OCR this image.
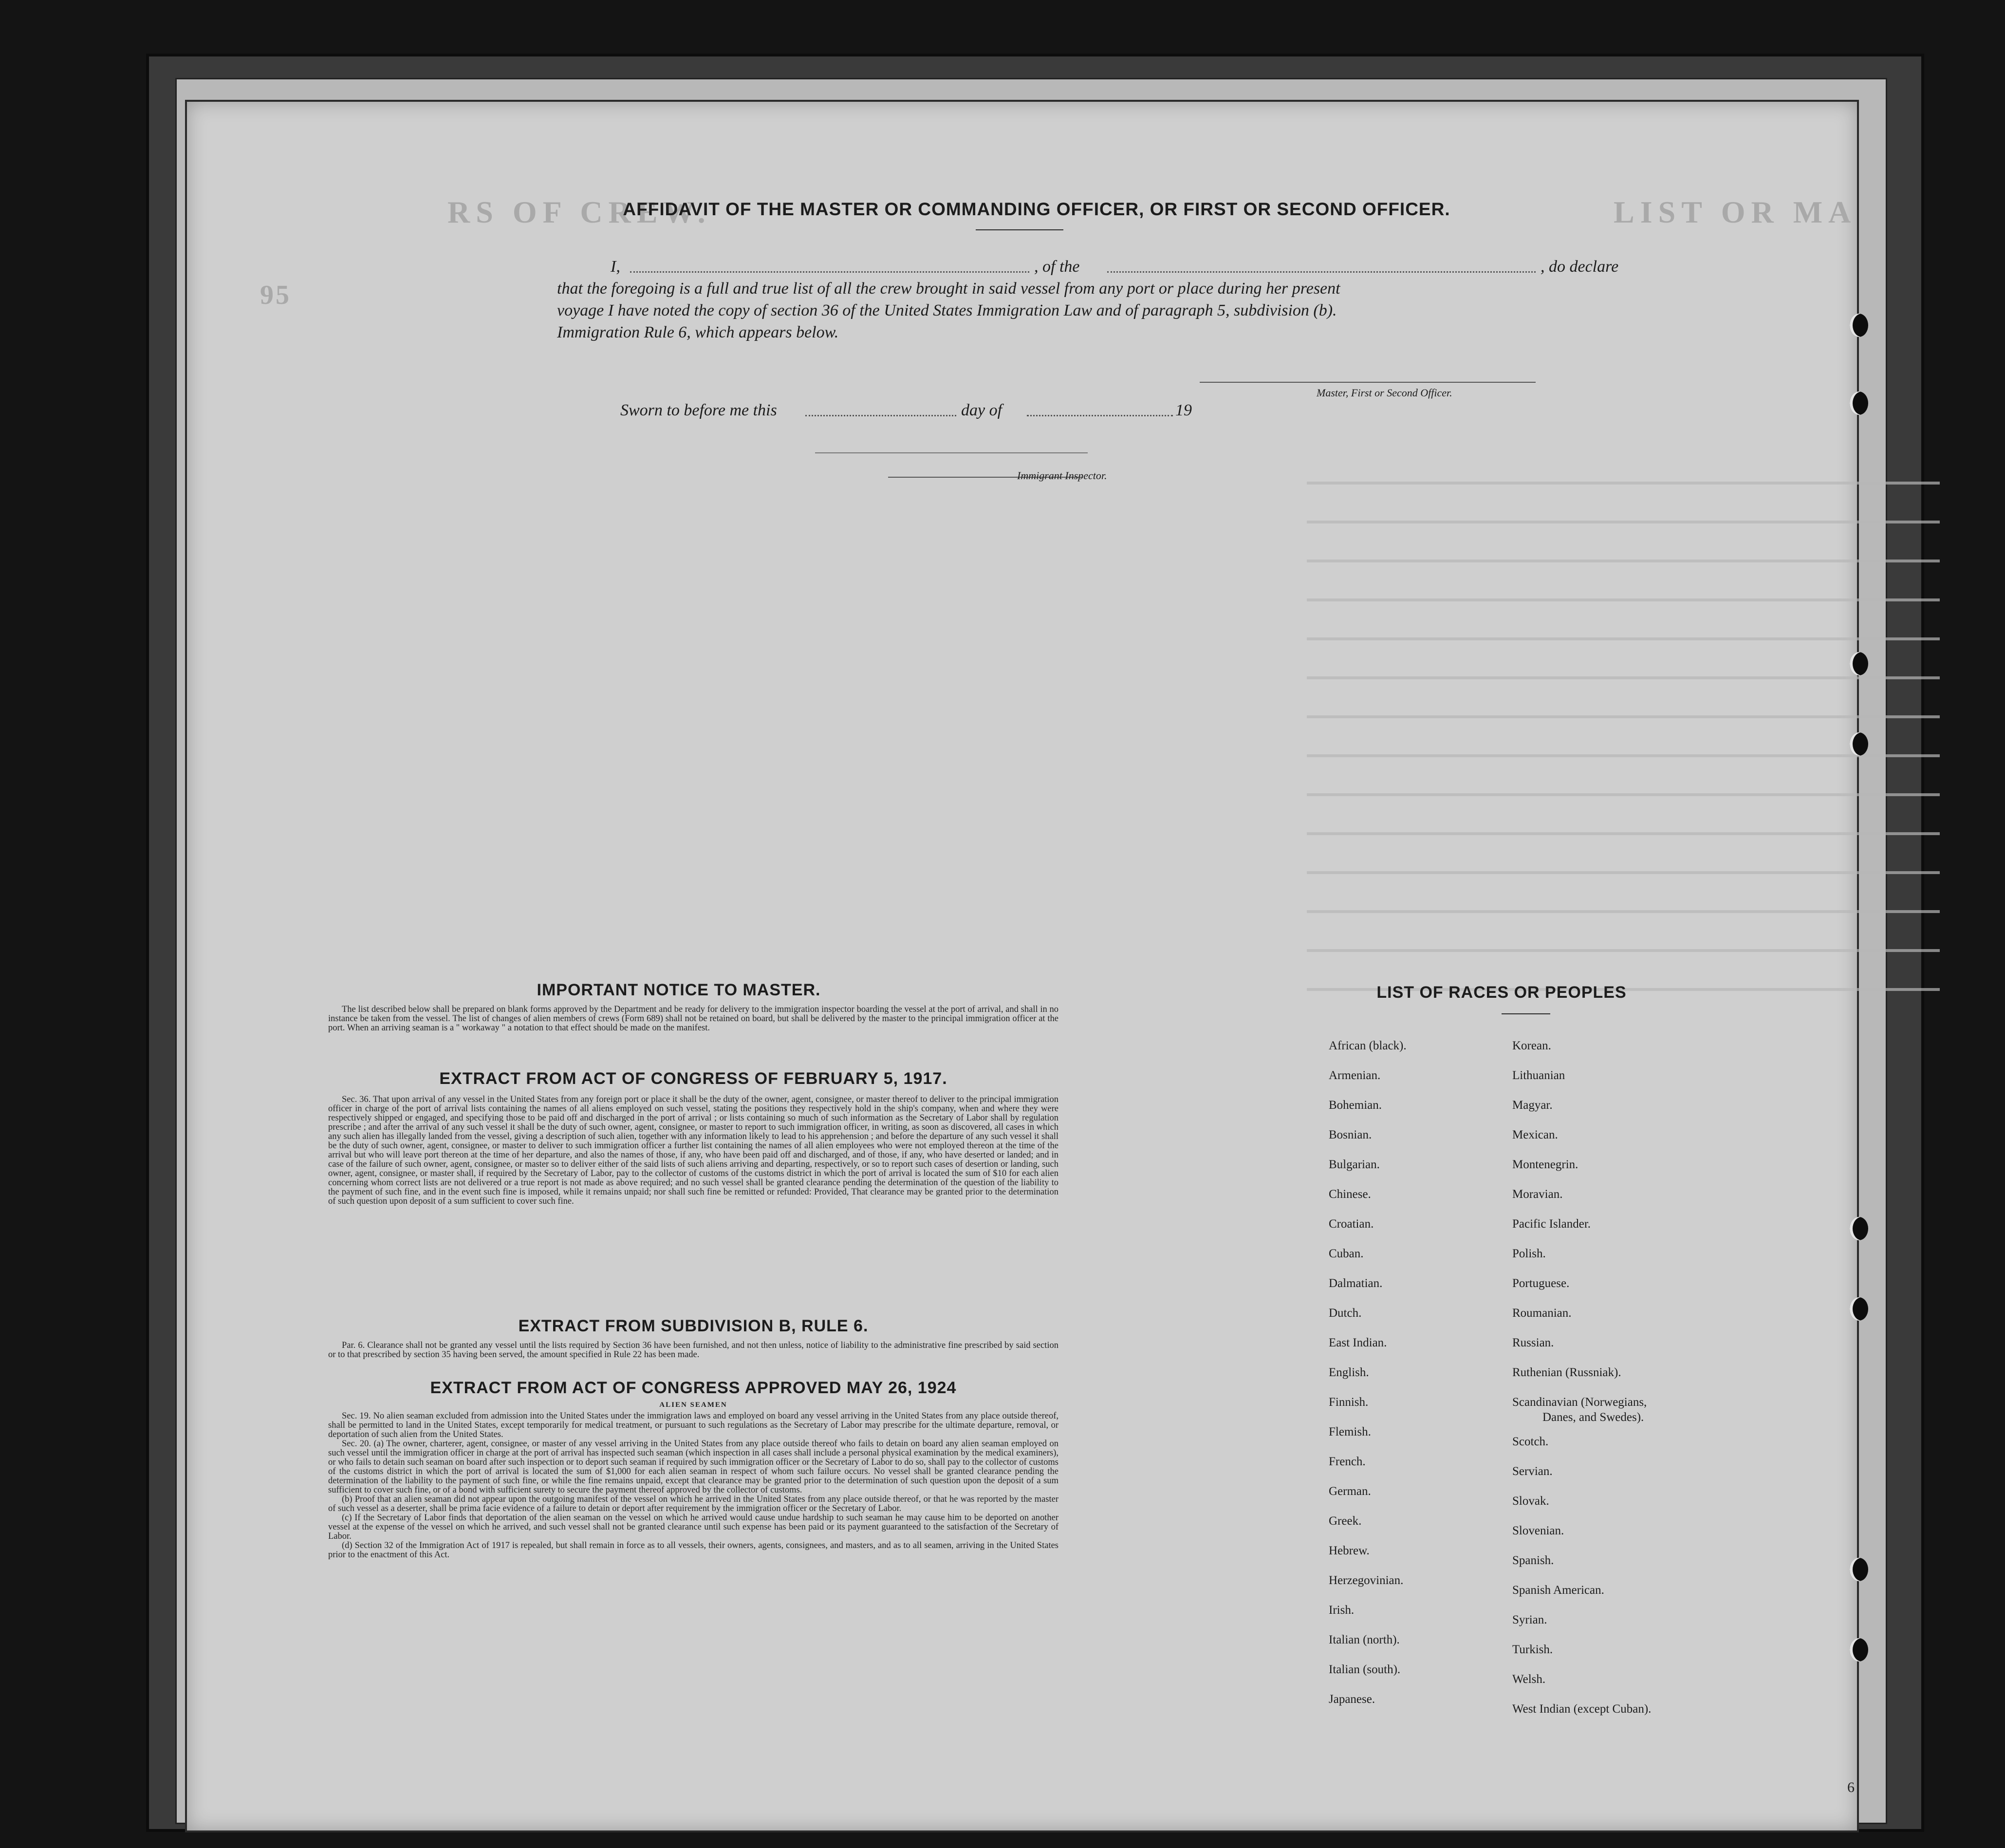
RS OF CREW.	LIST OR MA
95
AFFIDAVIT OF THE MASTER OR COMMANDING OFFICER, OR FIRST OR SECOND OFFICER.
I,	, of the	, do declare
that the foregoing is a full and true list of all the crew brought in said vessel from any port or place during her present
voyage I have noted the copy of section 36 of the United States Immigration Law and of paragraph 5, subdivision (b).
Immigration Rule 6, which appears below.
Master, First or Second Officer.
Sworn to before me this	day of	19
Immigrant Inspector.
IMPORTANT NOTICE TO MASTER.

The list described below shall be prepared on blank forms approved by the Department and be ready for delivery to the immigration inspector boarding the vessel at the port of arrival, and shall in no instance be taken from the vessel. The list of changes of alien members of crews (Form 689) shall not be retained on board, but shall be delivered by the master to the principal immigration officer at the port. When an arriving seaman is a " workaway " a notation to that effect should be made on the manifest.

EXTRACT FROM ACT OF CONGRESS OF FEBRUARY 5, 1917.

Sec. 36. That upon arrival of any vessel in the United States from any foreign port or place it shall be the duty of the owner, agent, consignee, or master thereof to deliver to the principal immigration officer in charge of the port of arrival lists containing the names of all aliens employed on such vessel, stating the positions they respectively hold in the ship's company, when and where they were respectively shipped or engaged, and specifying those to be paid off and discharged in the port of arrival ; or lists containing so much of such information as the Secretary of Labor shall by regulation prescribe ; and after the arrival of any such vessel it shall be the duty of such owner, agent, consignee, or master to report to such immigration officer, in writing, as soon as discovered, all cases in which any such alien has illegally landed from the vessel, giving a description of such alien, together with any information likely to lead to his apprehension ; and before the departure of any such vessel it shall be the duty of such owner, agent, consignee, or master to deliver to such immigration officer a further list containing the names of all alien employees who were not employed thereon at the time of the arrival but who will leave port thereon at the time of her departure, and also the names of those, if any, who have been paid off and discharged, and of those, if any, who have deserted or landed; and in case of the failure of such owner, agent, consignee, or master so to deliver either of the said lists of such aliens arriving and departing, respectively, or so to report such cases of desertion or landing, such owner, agent, consignee, or master shall, if required by the Secretary of Labor, pay to the collector of customs of the customs district in which the port of arrival is located the sum of $10 for each alien concerning whom correct lists are not delivered or a true report is not made as above required; and no such vessel shall be granted clearance pending the determination of the question of the liability to the payment of such fine, and in the event such fine is imposed, while it remains unpaid; nor shall such fine be remitted or refunded: Provided, That clearance may be granted prior to the determination of such question upon deposit of a sum sufficient to cover such fine.

EXTRACT FROM SUBDIVISION B, RULE 6.

Par. 6. Clearance shall not be granted any vessel until the lists required by Section 36 have been furnished, and not then unless, notice of liability to the administrative fine prescribed by said section or to that prescribed by section 35 having been served, the amount specified in Rule 22 has been made.

EXTRACT FROM ACT OF CONGRESS APPROVED MAY 26, 1924
ALIEN SEAMEN

Sec. 19. No alien seaman excluded from admission into the United States under the immigration laws and employed on board any vessel arriving in the United States from any place outside thereof, shall be permitted to land in the United States, except temporarily for medical treatment, or pursuant to such regulations as the Secretary of Labor may prescribe for the ultimate departure, removal, or deportation of such alien from the United States.

Sec. 20. (a) The owner, charterer, agent, consignee, or master of any vessel arriving in the United States from any place outside thereof who fails to detain on board any alien seaman employed on such vessel until the immigration officer in charge at the port of arrival has inspected such seaman (which inspection in all cases shall include a personal physical examination by the medical examiners), or who fails to detain such seaman on board after such inspection or to deport such seaman if required by such immigration officer or the Secretary of Labor to do so, shall pay to the collector of customs of the customs district in which the port of arrival is located the sum of $1,000 for each alien seaman in respect of whom such failure occurs. No vessel shall be granted clearance pending the determination of the liability to the payment of such fine, or while the fine remains unpaid, except that clearance may be granted prior to the determination of such question upon the deposit of a sum sufficient to cover such fine, or of a bond with sufficient surety to secure the payment thereof approved by the collector of customs.

(b) Proof that an alien seaman did not appear upon the outgoing manifest of the vessel on which he arrived in the United States from any place outside thereof, or that he was reported by the master of such vessel as a deserter, shall be prima facie evidence of a failure to detain or deport after requirement by the immigration officer or the Secretary of Labor.

(c) If the Secretary of Labor finds that deportation of the alien seaman on the vessel on which he arrived would cause undue hardship to such seaman he may cause him to be deported on another vessel at the expense of the vessel on which he arrived, and such vessel shall not be granted clearance until such expense has been paid or its payment guaranteed to the satisfaction of the Secretary of Labor.

(d) Section 32 of the Immigration Act of 1917 is repealed, but shall remain in force as to all vessels, their owners, agents, consignees, and masters, and as to all seamen, arriving in the United States prior to the enactment of this Act.

LIST OF RACES OR PEOPLES
African (black).
Armenian.
Bohemian.
Bosnian.
Bulgarian.
Chinese.
Croatian.
Cuban.
Dalmatian.
Dutch.
East Indian.
English.
Finnish.
Flemish.
French.
German.
Greek.
Hebrew.
Herzegovinian.
Irish.
Italian (north).
Italian (south).
Japanese.
Korean.
Lithuanian
Magyar.
Mexican.
Montenegrin.
Moravian.
Pacific Islander.
Polish.
Portuguese.
Roumanian.
Russian.
Ruthenian (Russniak).
Scandinavian (Norwegians,
Danes, and Swedes).
Scotch.
Servian.
Slovak.
Slovenian.
Spanish.
Spanish American.
Syrian.
Turkish.
Welsh.
West Indian (except Cuban).
6
